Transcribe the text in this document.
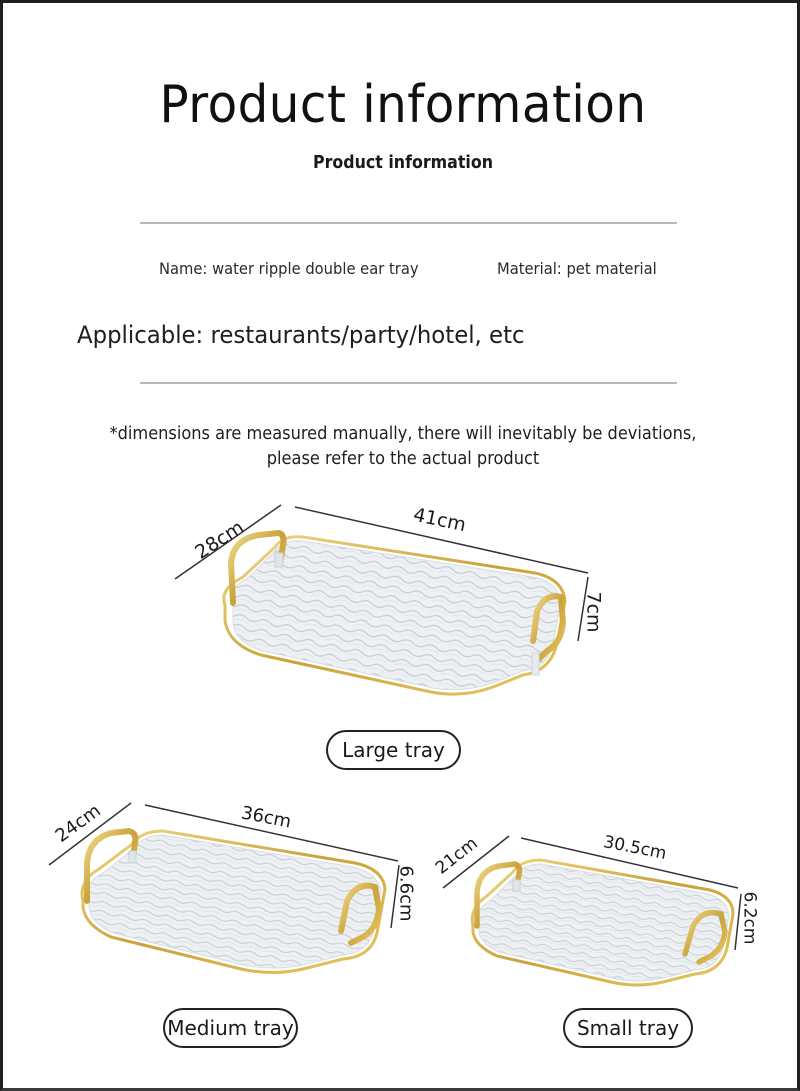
Product information
Product information
Name: water ripple double ear tray	Material: pet material
Applicable: restaurants/party/hotel, etc
*dimensions are measured manually, there will inevitably be deviations,
please refer to the actual product
28cm	41cm
7cm
Large tray
24cm	36cm
6.6cm
Medium tray
21cm	30.5cm
6.2cm
Small tray
